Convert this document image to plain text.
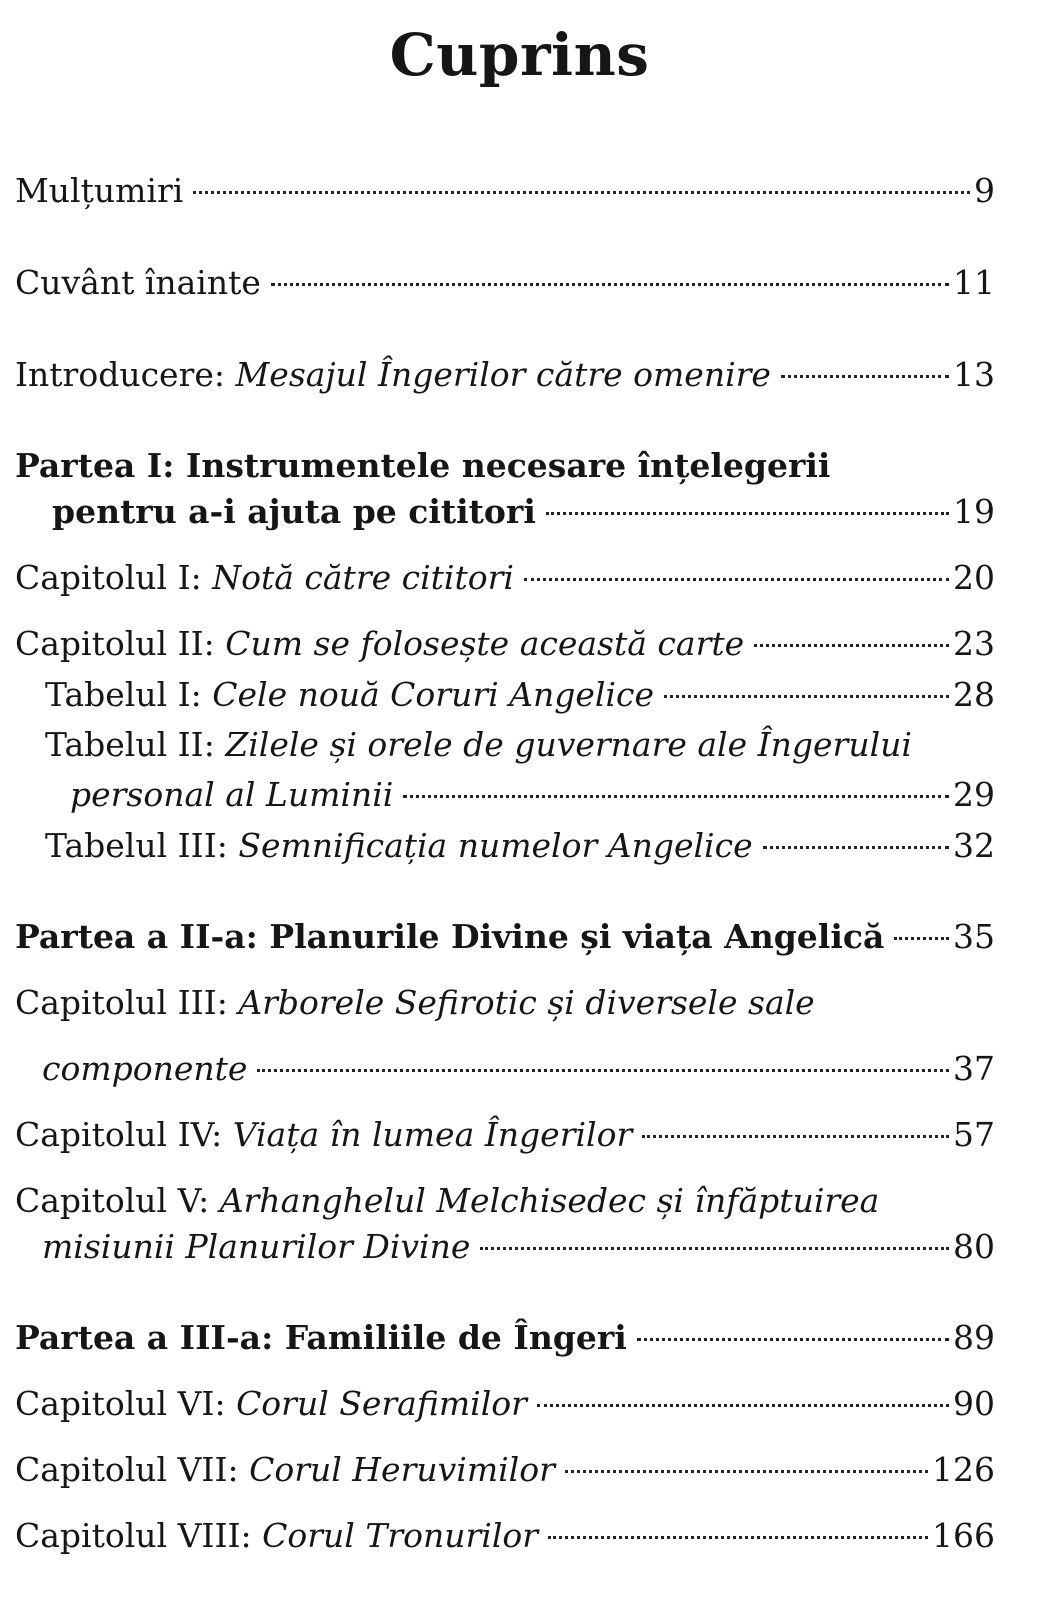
Cuprins
Mulțumiri	9
Cuvânt înainte	11
Introducere: Mesajul Îngerilor către omenire	13
Partea I: Instrumentele necesare înțelegerii
pentru a-i ajuta pe cititori	19
Capitolul I: Notă către cititori	20
Capitolul II: Cum se folosește această carte	23
Tabelul I: Cele nouă Coruri Angelice	28
Tabelul II: Zilele și orele de guvernare ale Îngerului
personal al Luminii	29
Tabelul III: Semnificația numelor Angelice	32
Partea a II-a: Planurile Divine și viața Angelică 35
Capitolul III: Arborele Sefirotic și diversele sale
componente	37
Capitolul IV: Viața în lumea Îngerilor	57
Capitolul V: Arhanghelul Melchisedec și înfăptuirea
misiunii Planurilor Divine	80
Partea a III-a: Familiile de Îngeri	89
Capitolul VI: Corul Serafimilor	90
Capitolul VII: Corul Heruvimilor	126
Capitolul VIII: Corul Tronurilor	166
